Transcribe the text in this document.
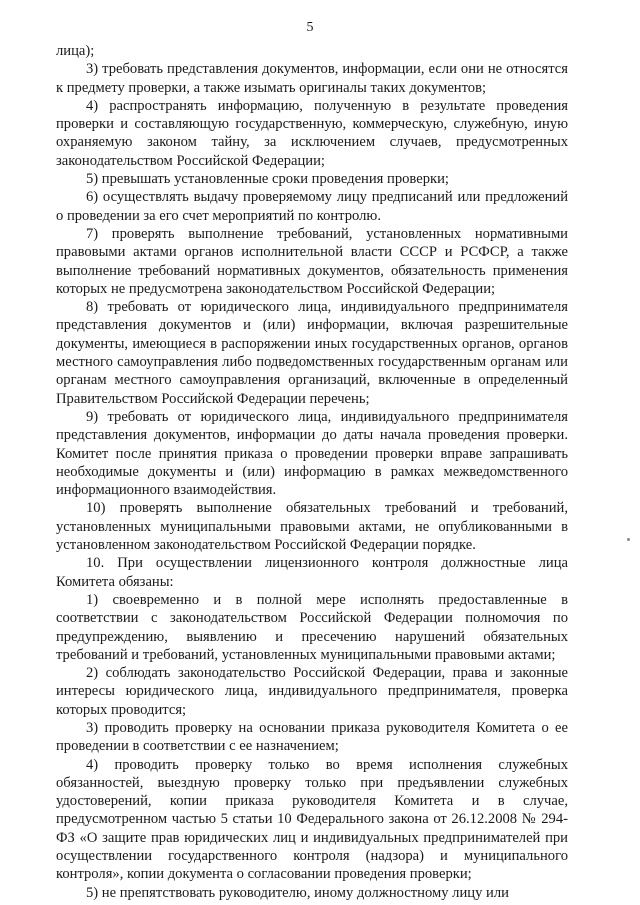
5

лица);

3) требовать представления документов, информации, если они не относятся к предмету проверки, а также изымать оригиналы таких документов;

4) распространять информацию, полученную в результате проведения проверки и составляющую государственную, коммерческую, служебную, иную охраняемую законом тайну, за исключением случаев, предусмотренных законодательством Российской Федерации;

5) превышать установленные сроки проведения проверки;

6) осуществлять выдачу проверяемому лицу предписаний или предложений о проведении за его счет мероприятий по контролю.

7) проверять выполнение требований, установленных нормативными правовыми актами органов исполнительной власти СССР и РСФСР, а также выполнение требований нормативных документов, обязательность применения которых не предусмотрена законодательством Российской Федерации;

8) требовать от юридического лица, индивидуального предпринимателя представления документов и (или) информации, включая разрешительные документы, имеющиеся в распоряжении иных государственных органов, органов местного самоуправления либо подведомственных государственным органам или органам местного самоуправления организаций, включенные в определенный Правительством Российской Федерации перечень;

9) требовать от юридического лица, индивидуального предпринимателя представления документов, информации до даты начала проведения проверки. Комитет после принятия приказа о проведении проверки вправе запрашивать необходимые документы и (или) информацию в рамках межведомственного информационного взаимодействия.

10) проверять выполнение обязательных требований и требований, установленных муниципальными правовыми актами, не опубликованными в установленном законодательством Российской Федерации порядке.

10. При осуществлении лицензионного контроля должностные лица Комитета обязаны:

1) своевременно и в полной мере исполнять предоставленные в соответствии с законодательством Российской Федерации полномочия по предупреждению, выявлению и пресечению нарушений обязательных требований и требований, установленных муниципальными правовыми актами;

2) соблюдать законодательство Российской Федерации, права и законные интересы юридического лица, индивидуального предпринимателя, проверка которых проводится;

3) проводить проверку на основании приказа руководителя Комитета о ее проведении в соответствии с ее назначением;

4) проводить проверку только во время исполнения служебных обязанностей, выездную проверку только при предъявлении служебных удостоверений, копии приказа руководителя Комитета и в случае, предусмотренном частью 5 статьи 10 Федерального закона от 26.12.2008 № 294-ФЗ «О защите прав юридических лиц и индивидуальных предпринимателей при осуществлении государственного контроля (надзора) и муниципального контроля», копии документа о согласовании проведения проверки;

5) не препятствовать руководителю, иному должностному лицу или
